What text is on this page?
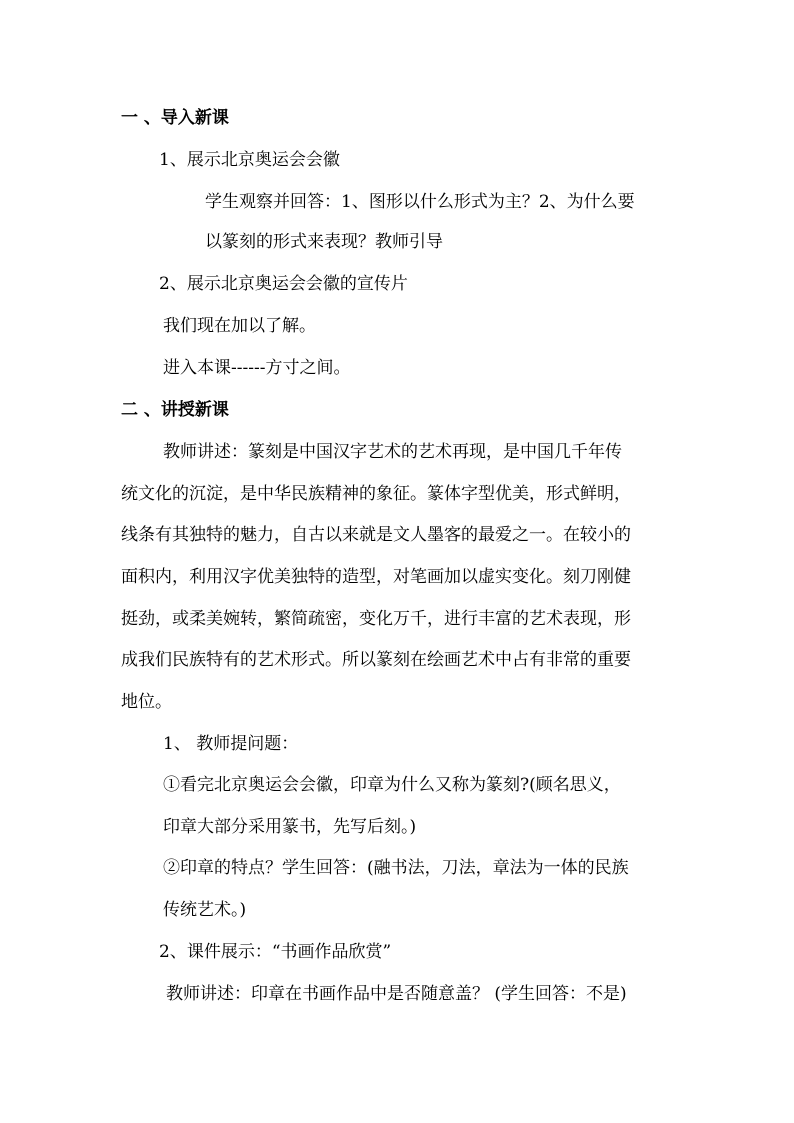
一 、导入新课
1、展示北京奥运会会徽
学生观察并回答：1、图形以什么形式为主？2、为什么要
以篆刻的形式来表现？教师引导
2、展示北京奥运会会徽的宣传片
我们现在加以了解。
进入本课------方寸之间。
二 、讲授新课
教师讲述：篆刻是中国汉字艺术的艺术再现，是中国几千年传
统文化的沉淀，是中华民族精神的象征。篆体字型优美，形式鲜明，
线条有其独特的魅力，自古以来就是文人墨客的最爱之一。在较小的
面积内，利用汉字优美独特的造型，对笔画加以虚实变化。刻刀刚健
挺劲，或柔美婉转，繁简疏密，变化万千，进行丰富的艺术表现，形
成我们民族特有的艺术形式。所以篆刻在绘画艺术中占有非常的重要
地位。
1、 教师提问题：
①看完北京奥运会会徽，印章为什么又称为篆刻?(顾名思义，
印章大部分采用篆书，先写后刻。)
②印章的特点？学生回答：(融书法，刀法，章法为一体的民族
传统艺术。)
2、课件展示：“书画作品欣赏”
教师讲述：印章在书画作品中是否随意盖？ (学生回答：不是)
